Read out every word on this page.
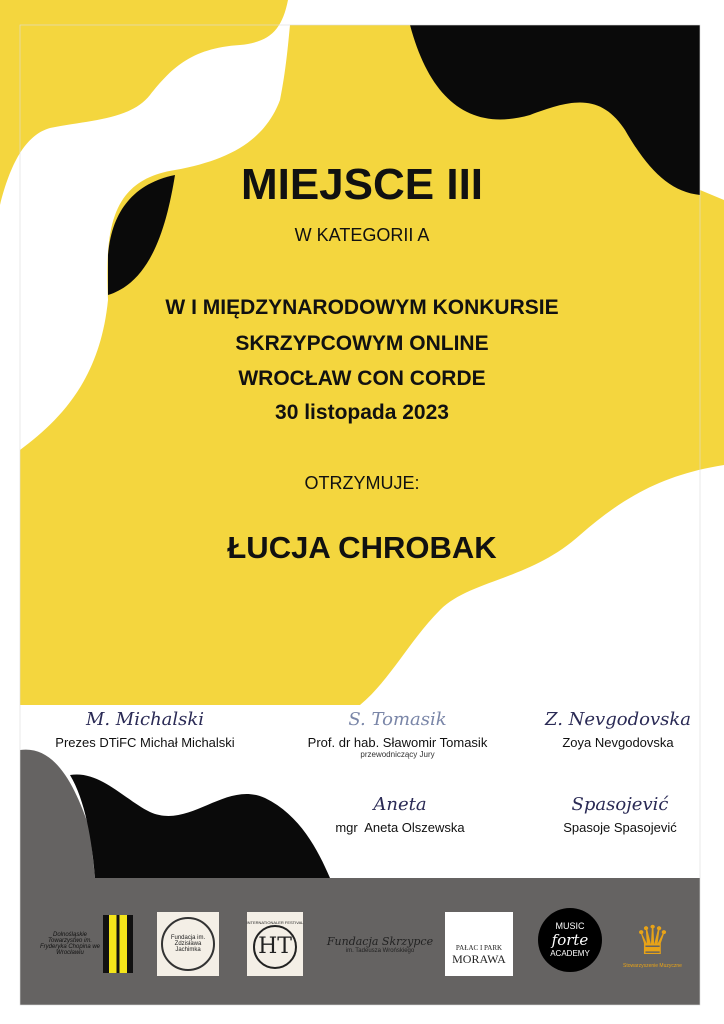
MIEJSCE III
W KATEGORII A
W I MIĘDZYNARODOWYM KONKURSIE
SKRZYPCOWYM ONLINE
WROCŁAW CON CORDE
30 listopada 2023
OTRZYMUJE:
ŁUCJA CHROBAK
M. Michalski
Prezes DTiFC Michał Michalski
S. Tomasik
Prof. dr hab. Sławomir Tomasik
przewodniczący Jury
Z. Nevgodovska
Zoya Nevgodovska
Aneta
mgr  Aneta Olszewska
Spasojević
Spasoje Spasojević
Dolnośląskie Towarzystwo im. Fryderyka Chopina we Wrocławiu
Fundacja im. Zdzisława Jachimka
INTERNATIONALER FESTIVAL
HT	Fundacja Skrzypce
im. Tadeusza Wrońskiego	PAŁAC I PARK
MORAWA
MUSIC
forte
ACADEMY ♛
Stowarzyszenie Muzyczne
